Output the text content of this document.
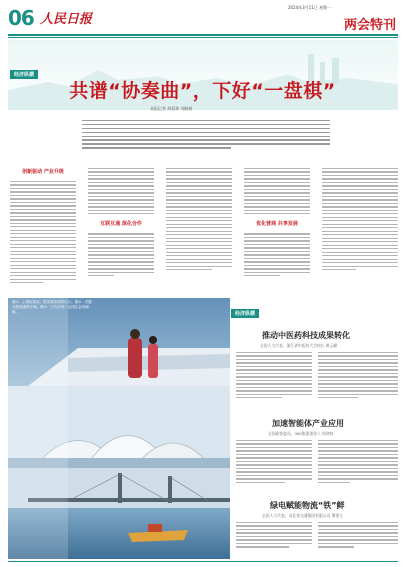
06 人民日报
2024年3月11日 星期一
两会特刊
经济纵横
共谱“协奏曲”，下好“一盘棋”
本报记者 胡晨珠 刘晓萌
创新驱动 产业升级
互联互通 深化合作	优化营商 共享发展
图①：上海虹桥站，旅客乘坐高铁出行。图②：安徽合肥滨湖科学城。图③：江苏苏州工业园区金鸡湖畔。	经济纵横
推动中医药科技成果转化
全国人大代表、浙江省中医药大学校长 黄云峰
加速智能体产业应用
全国政协委员、360集团创始人 周鸿祎
绿电赋能物流“铁”鲜
全国人大代表、河北省交通集团有限公司 谭建立
